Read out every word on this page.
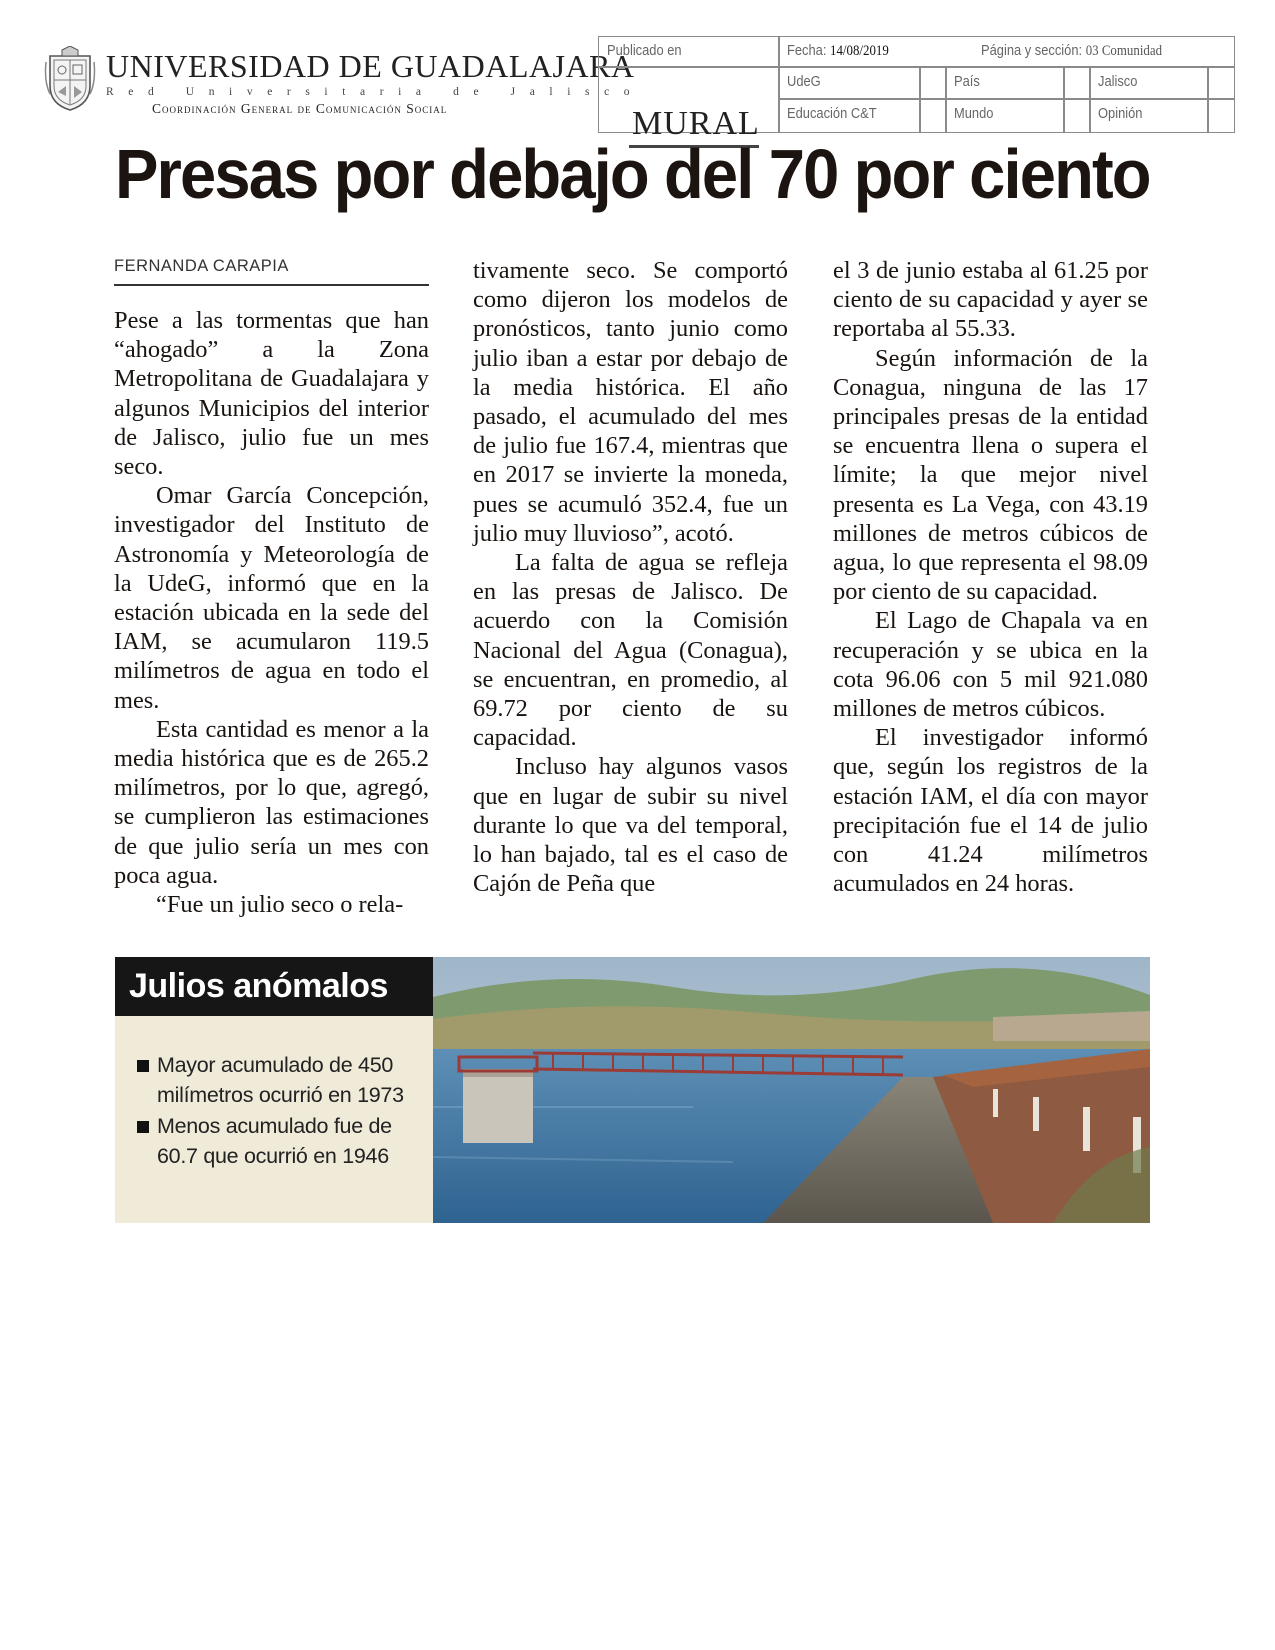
UNIVERSIDAD DE GUADALAJARA
Red Universitaria de Jalisco
Coordinación General de Comunicación Social
Publicado en	Fecha: 14/08/2019	Página y sección: 03 Comunidad
MURAL
UdeG	País	Jalisco
Educación C&T	Mundo	Opinión
Presas por debajo del 70 por ciento
FERNANDA CARAPIA

Pese a las tormentas que han “ahogado” a la Zona Metropolitana de Guadalajara y algunos Municipios del interior de Jalisco, julio fue un mes seco.

Omar García Concepción, investigador del Instituto de Astronomía y Meteorología de la UdeG, informó que en la estación ubicada en la sede del IAM, se acumularon 119.5 milímetros de agua en todo el mes.

Esta cantidad es menor a la media histórica que es de 265.2 milímetros, por lo que, agregó, se cumplieron las estimaciones de que julio sería un mes con poca agua.

“Fue un julio seco o rela-

tivamente seco. Se comportó como dijeron los modelos de pronósticos, tanto junio como julio iban a estar por debajo de la media histórica. El año pasado, el acumulado del mes de julio fue 167.4, mientras que en 2017 se invierte la moneda, pues se acumuló 352.4, fue un julio muy lluvioso”, acotó.

La falta de agua se refleja en las presas de Jalisco. De acuerdo con la Comisión Nacional del Agua (Conagua), se encuentran, en promedio, al 69.72 por ciento de su capacidad.

Incluso hay algunos vasos que en lugar de subir su nivel durante lo que va del temporal, lo han bajado, tal es el caso de Cajón de Peña que

el 3 de junio estaba al 61.25 por ciento de su capacidad y ayer se reportaba al 55.33.

Según información de la Conagua, ninguna de las 17 principales presas de la entidad se encuentra llena o supera el límite; la que mejor nivel presenta es La Vega, con 43.19 millones de metros cúbicos de agua, lo que representa el 98.09 por ciento de su capacidad.

El Lago de Chapala va en recuperación y se ubica en la cota 96.06 con 5 mil 921.080 millones de metros cúbicos.

El investigador informó que, según los registros de la estación IAM, el día con mayor precipitación fue el 14 de julio con 41.24 milímetros acumulados en 24 horas.

Julios anómalos
Mayor acumulado de 450 milímetros ocurrió en 1973
Menos acumulado fue de 60.7 que ocurrió en 1946
